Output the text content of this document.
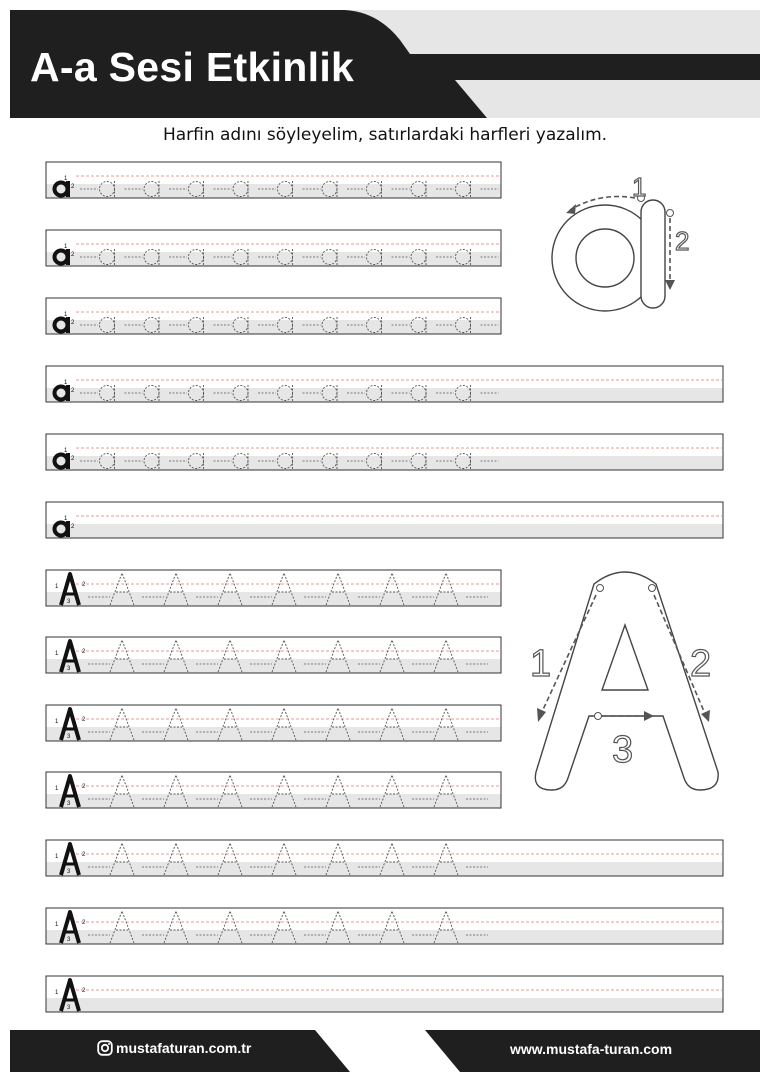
1
2
1
2
1
2
1
2
1
2
1
2
1	2
3
1	2
3
1	2
3
1	2
3
1	2
3
1	2
3
1	2
3
1
2
1	2
3
A-a Sesi Etkinlik
Harfin adını söyleyelim, satırlardaki harfleri yazalım.
mustafaturan.com.tr	www.mustafa-turan.com
